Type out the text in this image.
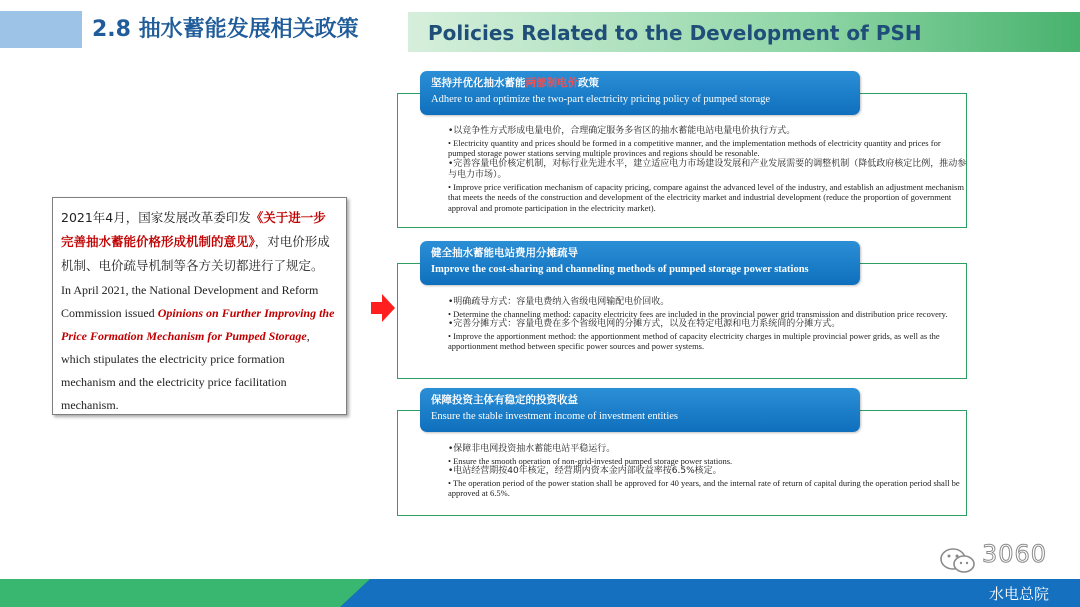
2.8 抽水蓄能发展相关政策	Policies Related to the Development of PSH
2021年4月，国家发展改革委印发《关于进一步完善抽水蓄能价格形成机制的意见》，对电价形成机制、电价疏导机制等各方关切都进行了规定。
In April 2021, the National Development and Reform Commission issued Opinions on Further Improving the Price Formation Mechanism for Pumped Storage, which stipulates the electricity price formation mechanism and the electricity price facilitation mechanism.
坚持并优化抽水蓄能两部制电价政策
Adhere to and optimize the two-part electricity pricing policy of pumped storage
•以竞争性方式形成电量电价，合理确定服务多省区的抽水蓄能电站电量电价执行方式。
• Electricity quantity and prices should be formed in a competitive manner, and the implementation methods of electricity quantity and prices for pumped storage power stations serving multiple provinces and regions should be resonable.
•完善容量电价核定机制，对标行业先进水平，建立适应电力市场建设发展和产业发展需要的调整机制（降低政府核定比例，推动参与电力市场）。
• Improve price verification mechanism of capacity pricing, compare against the advanced level of the industry, and establish an adjustment mechanism that meets the needs of the construction and development of the electricity market and industrial development (reduce the proportion of government approval and promote participation in the electricity market).
健全抽水蓄能电站费用分摊疏导
Improve the cost-sharing and channeling methods of pumped storage power stations
•明确疏导方式：容量电费纳入省级电网输配电价回收。
• Determine the channeling method: capacity electricity fees are included in the provincial power grid transmission and distribution price recovery.
•完善分摊方式：容量电费在多个省级电网的分摊方式，以及在特定电源和电力系统间的分摊方式。
• Improve the apportionment method: the apportionment method of capacity electricity charges in multiple provincial power grids, as well as the apportionment method between specific power sources and power systems.
保障投资主体有稳定的投资收益
Ensure the stable investment income of investment entities
•保障非电网投资抽水蓄能电站平稳运行。
• Ensure the smooth operation of non-grid-invested pumped storage power stations.
•电站经营期按40年核定，经营期内资本金内部收益率按6.5%核定。
• The operation period of the power station shall be approved for 40 years, and the internal rate of return of capital during the operation period shall be approved at 6.5%.
3060
水电总院
